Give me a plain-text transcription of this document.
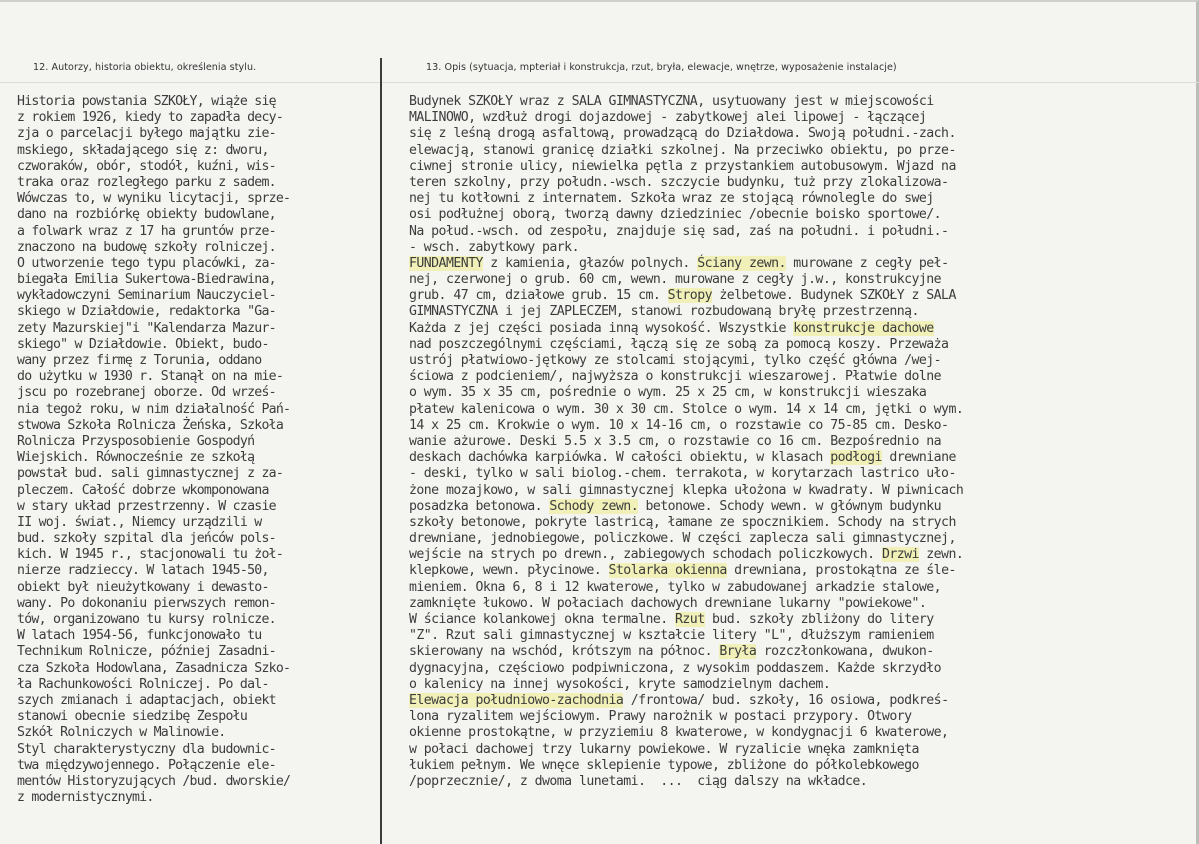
12. Autorzy, historia obiektu, określenia stylu.	13. Opis (sytuacja, mpteriał i konstrukcja, rzut, bryła, elewacje, wnętrze, wyposażenie instalacje)
Historia powstania SZKOŁY, wiąże się
z rokiem 1926, kiedy to zapadła decy-
zja o parcelacji byłego majątku zie-
mskiego, składającego się z: dworu,
czworaków, obór, stodół, kuźni, wis-
traka oraz rozległego parku z sadem.
Wówczas to, w wyniku licytacji, sprze-
dano na rozbiórkę obiekty budowlane,
a folwark wraz z 17 ha gruntów prze-
znaczono na budowę szkoły rolniczej.
O utworzenie tego typu placówki, za-
biegała Emilia Sukertowa-Biedrawina,
wykładowczyni Seminarium Nauczyciel-
skiego w Działdowie, redaktorka "Ga-
zety Mazurskiej"i "Kalendarza Mazur-
skiego" w Działdowie. Obiekt, budo-
wany przez firmę z Torunia, oddano
do użytku w 1930 r. Stanął on na mie-
jscu po rozebranej oborze. Od wrześ-
nia tegoż roku, w nim działalność Pań-
stwowa Szkoła Rolnicza Żeńska, Szkoła
Rolnicza Przysposobienie Gospodyń
Wiejskich. Równocześnie ze szkołą
powstał bud. sali gimnastycznej z za-
pleczem. Całość dobrze wkomponowana
w stary układ przestrzenny. W czasie
II woj. świat., Niemcy urządzili w
bud. szkoły szpital dla jeńców pols-
kich. W 1945 r., stacjonowali tu żoł-
nierze radzieccy. W latach 1945-50,
obiekt był nieużytkowany i dewasto-
wany. Po dokonaniu pierwszych remon-
tów, organizowano tu kursy rolnicze.
W latach 1954-56, funkcjonowało tu
Technikum Rolnicze, później Zasadni-
cza Szkoła Hodowlana, Zasadnicza Szko-
ła Rachunkowości Rolniczej. Po dal-
szych zmianach i adaptacjach, obiekt
stanowi obecnie siedzibę Zespołu
Szkół Rolniczych w Malinowie.
Styl charakterystyczny dla budownic-
twa międzywojennego. Połączenie ele-
mentów Historyzujących /bud. dworskie/
z modernistycznymi.
Budynek SZKOŁY wraz z SALA GIMNASTYCZNA, usytuowany jest w miejscowości
MALINOWO, wzdłuż drogi dojazdowej - zabytkowej alei lipowej - łączącej
się z leśną drogą asfaltową, prowadzącą do Działdowa. Swoją południ.-zach.
elewacją, stanowi granicę działki szkolnej. Na przeciwko obiektu, po prze-
ciwnej stronie ulicy, niewielka pętla z przystankiem autobusowym. Wjazd na
teren szkolny, przy połudn.-wsch. szczycie budynku, tuż przy zlokalizowa-
nej tu kotłowni z internatem. Szkoła wraz ze stojącą równolegle do swej
osi podłużnej oborą, tworzą dawny dziedziniec /obecnie boisko sportowe/.
Na połud.-wsch. od zespołu, znajduje się sad, zaś na południ. i południ.-
- wsch. zabytkowy park.
FUNDAMENTY z kamienia, głazów polnych. Ściany zewn. murowane z cegły peł-
nej, czerwonej o grub. 60 cm, wewn. murowane z cegły j.w., konstrukcyjne
grub. 47 cm, działowe grub. 15 cm. Stropy żelbetowe. Budynek SZKOŁY z SALA
GIMNASTYCZNA i jej ZAPLECZEM, stanowi rozbudowaną bryłę przestrzenną.
Każda z jej części posiada inną wysokość. Wszystkie konstrukcje dachowe
nad poszczególnymi częściami, łączą się ze sobą za pomocą koszy. Przeważa
ustrój płatwiowo-jętkowy ze stolcami stojącymi, tylko część główna /wej-
ściowa z podcieniem/, najwyższa o konstrukcji wieszarowej. Płatwie dolne
o wym. 35 x 35 cm, pośrednie o wym. 25 x 25 cm, w konstrukcji wieszaka
płatew kalenicowa o wym. 30 x 30 cm. Stolce o wym. 14 x 14 cm, jętki o wym.
14 x 25 cm. Krokwie o wym. 10 x 14-16 cm, o rozstawie co 75-85 cm. Desko-
wanie ażurowe. Deski 5.5 x 3.5 cm, o rozstawie co 16 cm. Bezpośrednio na
deskach dachówka karpiówka. W całości obiektu, w klasach podłogi drewniane
- deski, tylko w sali biolog.-chem. terrakota, w korytarzach lastrico uło-
żone mozajkowo, w sali gimnastycznej klepka ułożona w kwadraty. W piwnicach
posadzka betonowa. Schody zewn. betonowe. Schody wewn. w głównym budynku
szkoły betonowe, pokryte lastricą, łamane ze spocznikiem. Schody na strych
drewniane, jednobiegowe, policzkowe. W części zaplecza sali gimnastycznej,
wejście na strych po drewn., zabiegowych schodach policzkowych. Drzwi zewn.
klepkowe, wewn. płycinowe. Stolarka okienna drewniana, prostokątna ze śle-
mieniem. Okna 6, 8 i 12 kwaterowe, tylko w zabudowanej arkadzie stalowe,
zamknięte łukowo. W połaciach dachowych drewniane lukarny "powiekowe".
W ściance kolankowej okna termalne. Rzut bud. szkoły zbliżony do litery
"Z". Rzut sali gimnastycznej w kształcie litery "L", dłuższym ramieniem
skierowany na wschód, krótszym na północ. Bryła rozczłonkowana, dwukon-
dygnacyjna, częściowo podpiwniczona, z wysokim poddaszem. Każde skrzydło
o kalenicy na innej wysokości, kryte samodzielnym dachem.
Elewacja południowo-zachodnia /frontowa/ bud. szkoły, 16 osiowa, podkreś-
lona ryzalitem wejściowym. Prawy narożnik w postaci przypory. Otwory
okienne prostokątne, w przyziemiu 8 kwaterowe, w kondygnacji 6 kwaterowe,
w połaci dachowej trzy lukarny powiekowe. W ryzalicie wnęka zamknięta
łukiem pełnym. We wnęce sklepienie typowe, zbliżone do półkolebkowego
/poprzecznie/, z dwoma lunetami.  ...  ciąg dalszy na wkładce.
